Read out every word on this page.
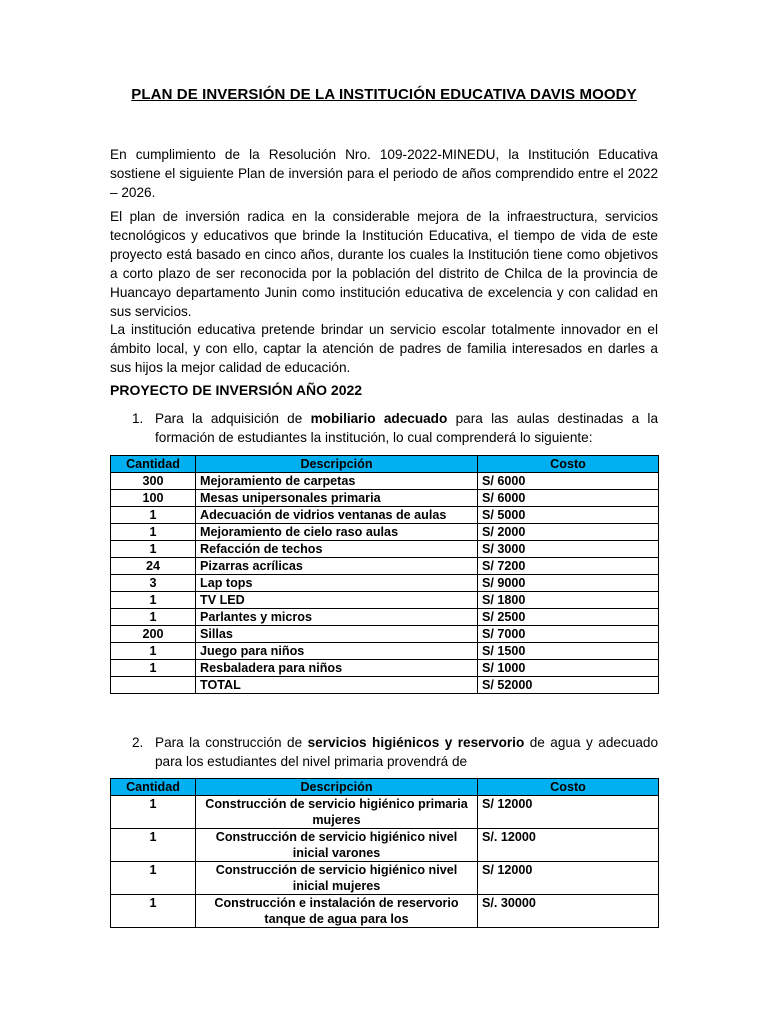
PLAN DE INVERSIÓN DE LA INSTITUCIÓN EDUCATIVA DAVIS MOODY

En cumplimiento de la Resolución Nro. 109-2022-MINEDU, la Institución Educativa sostiene el siguiente Plan de inversión para el periodo de años comprendido entre el 2022 – 2026.

El plan de inversión radica en la considerable mejora de la infraestructura, servicios tecnológicos y educativos que brinde la Institución Educativa, el tiempo de vida de este proyecto está basado en cinco años, durante los cuales la Institución tiene como objetivos a corto plazo de ser reconocida por la población del distrito de Chilca de la provincia de Huancayo departamento Junin como institución educativa de excelencia y con calidad en sus servicios.

La institución educativa pretende brindar un servicio escolar totalmente innovador en el ámbito local, y con ello, captar la atención de padres de familia interesados en darles a sus hijos la mejor calidad de educación.

PROYECTO DE INVERSIÓN AÑO 2022
1. Para la adquisición de mobiliario adecuado para las aulas destinadas a la formación de estudiantes la institución, lo cual comprenderá lo siguiente:
Cantidad	Descripción	Costo
300	Mejoramiento de carpetas	S/ 6000
100	Mesas unipersonales primaria	S/ 6000
1	Adecuación de vidrios ventanas de aulas	S/ 5000
1	Mejoramiento de cielo raso aulas	S/ 2000
1	Refacción de techos	S/ 3000
24	Pizarras acrílicas	S/ 7200
3	Lap tops	S/ 9000
1	TV LED	S/ 1800
1	Parlantes y micros	S/ 2500
200	Sillas	S/ 7000
1	Juego para niños	S/ 1500
1	Resbaladera para niños	S/ 1000
	TOTAL	S/ 52000
2. Para la construcción de servicios higiénicos y reservorio de agua y adecuado para los estudiantes del nivel primaria provendrá de
Cantidad	Descripción	Costo
1	Construcción de servicio higiénico primaria mujeres	S/ 12000
1	Construcción de servicio higiénico nivel inicial varones	S/. 12000
1	Construcción de servicio higiénico nivel inicial mujeres	S/ 12000
1	Construcción e instalación de reservorio tanque de agua para los	S/. 30000
